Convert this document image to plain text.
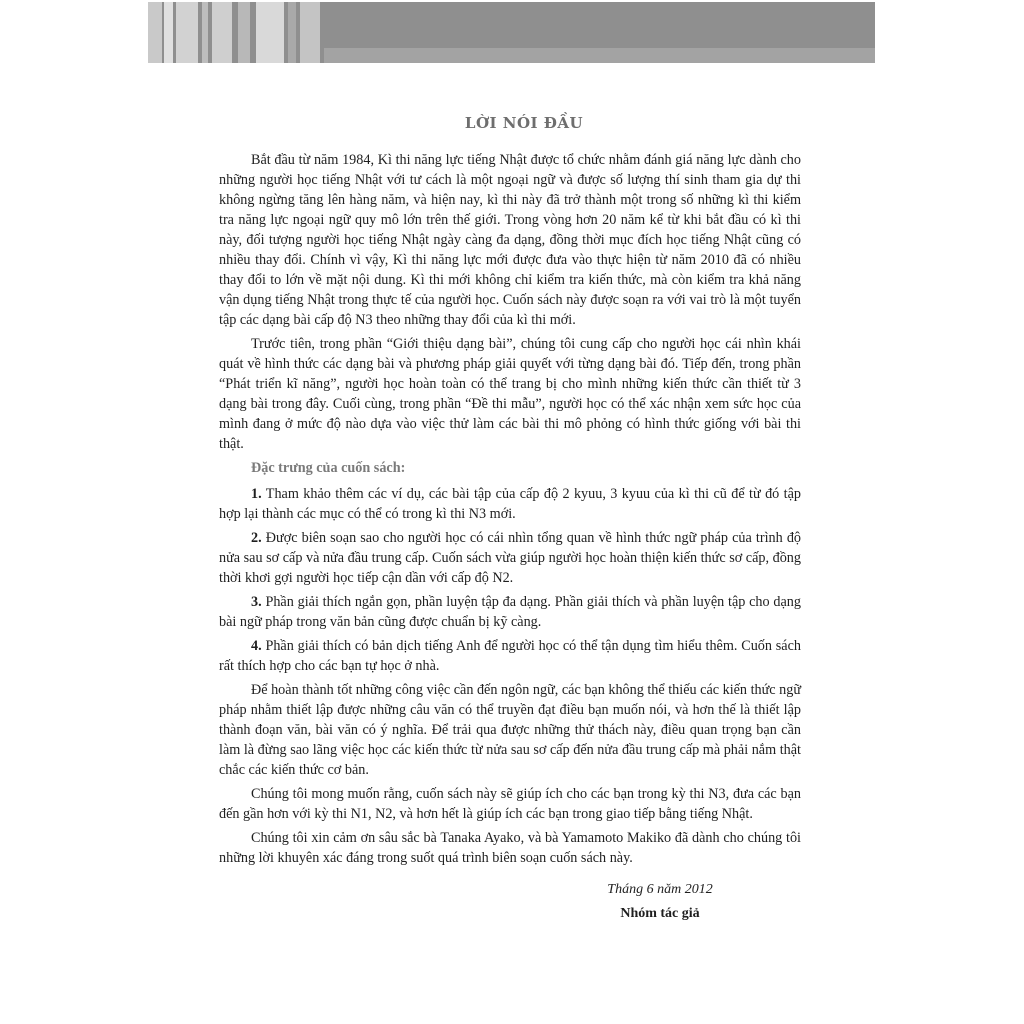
LỜI NÓI ĐẦU

Bắt đầu từ năm 1984, Kì thi năng lực tiếng Nhật được tổ chức nhằm đánh giá năng lực dành cho những người học tiếng Nhật với tư cách là một ngoại ngữ và được số lượng thí sinh tham gia dự thi không ngừng tăng lên hàng năm, và hiện nay, kì thi này đã trở thành một trong số những kì thi kiểm tra năng lực ngoại ngữ quy mô lớn trên thế giới. Trong vòng hơn 20 năm kể từ khi bắt đầu có kì thi này, đối tượng người học tiếng Nhật ngày càng đa dạng, đồng thời mục đích học tiếng Nhật cũng có nhiều thay đổi. Chính vì vậy, Kì thi năng lực mới được đưa vào thực hiện từ năm 2010 đã có nhiều thay đổi to lớn về mặt nội dung. Kì thi mới không chỉ kiểm tra kiến thức, mà còn kiểm tra khả năng vận dụng tiếng Nhật trong thực tế của người học. Cuốn sách này được soạn ra với vai trò là một tuyển tập các dạng bài cấp độ N3 theo những thay đổi của kì thi mới.

Trước tiên, trong phần “Giới thiệu dạng bài”, chúng tôi cung cấp cho người học cái nhìn khái quát về hình thức các dạng bài và phương pháp giải quyết với từng dạng bài đó. Tiếp đến, trong phần “Phát triển kĩ năng”, người học hoàn toàn có thể trang bị cho mình những kiến thức cần thiết từ 3 dạng bài trong đây. Cuối cùng, trong phần “Đề thi mẫu”, người học có thể xác nhận xem sức học của mình đang ở mức độ nào dựa vào việc thử làm các bài thi mô phỏng có hình thức giống với bài thi thật.

Đặc trưng của cuốn sách:

1. Tham khảo thêm các ví dụ, các bài tập của cấp độ 2 kyuu, 3 kyuu của kì thi cũ để từ đó tập hợp lại thành các mục có thể có trong kì thi N3 mới.

2. Được biên soạn sao cho người học có cái nhìn tổng quan về hình thức ngữ pháp của trình độ nửa sau sơ cấp và nửa đầu trung cấp. Cuốn sách vừa giúp người học hoàn thiện kiến thức sơ cấp, đồng thời khơi gợi người học tiếp cận dần với cấp độ N2.

3. Phần giải thích ngắn gọn, phần luyện tập đa dạng. Phần giải thích và phần luyện tập cho dạng bài ngữ pháp trong văn bản cũng được chuẩn bị kỹ càng.

4. Phần giải thích có bản dịch tiếng Anh để người học có thể tận dụng tìm hiểu thêm. Cuốn sách rất thích hợp cho các bạn tự học ở nhà.

Để hoàn thành tốt những công việc cần đến ngôn ngữ, các bạn không thể thiếu các kiến thức ngữ pháp nhằm thiết lập được những câu văn có thể truyền đạt điều bạn muốn nói, và hơn thế là thiết lập thành đoạn văn, bài văn có ý nghĩa. Để trải qua được những thử thách này, điều quan trọng bạn cần làm là đừng sao lãng việc học các kiến thức từ nửa sau sơ cấp đến nửa đầu trung cấp mà phải nắm thật chắc các kiến thức cơ bản.

Chúng tôi mong muốn rằng, cuốn sách này sẽ giúp ích cho các bạn trong kỳ thi N3, đưa các bạn đến gần hơn với kỳ thi N1, N2, và hơn hết là giúp ích các bạn trong giao tiếp bằng tiếng Nhật.

Chúng tôi xin cảm ơn sâu sắc bà Tanaka Ayako, và bà Yamamoto Makiko đã dành cho chúng tôi những lời khuyên xác đáng trong suốt quá trình biên soạn cuốn sách này.

Tháng 6 năm 2012
Nhóm tác giả
